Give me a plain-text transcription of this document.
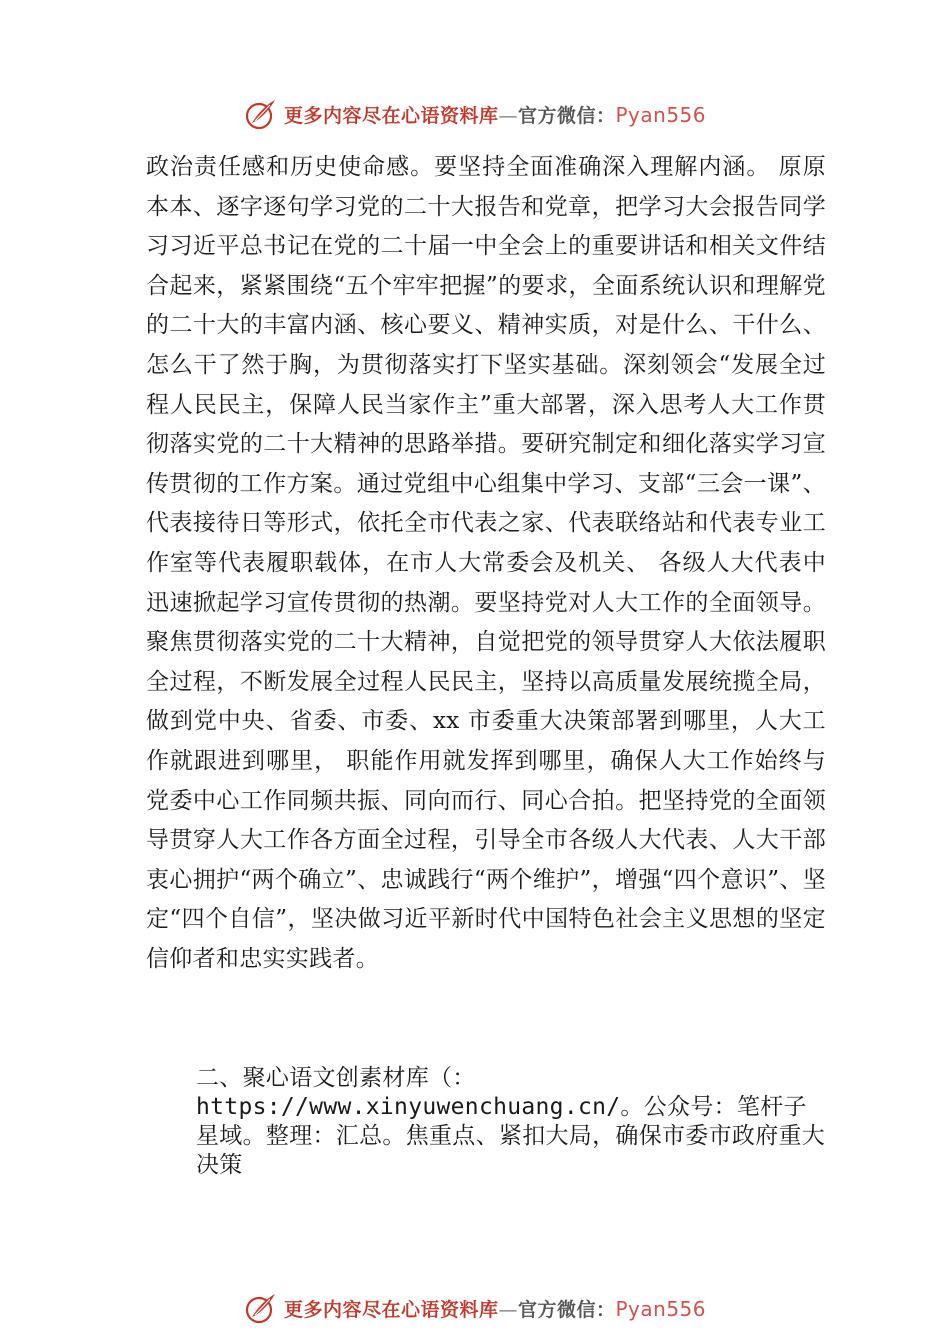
更多内容尽在心语资料库—官方微信：Pyan556

政治责任感和历史使命感。要坚持全面准确深入理解内涵。 原原本本、逐字逐句学习党的二十大报告和党章，把学习大会报告同学习习近平总书记在党的二十届一中全会上的重要讲话和相关文件结合起来，紧紧围绕“五个牢牢把握”的要求，全面系统认识和理解党的二十大的丰富内涵、核心要义、精神实质，对是什么、干什么、怎么干了然于胸，为贯彻落实打下坚实基础。深刻领会“发展全过程人民民主，保障人民当家作主”重大部署，深入思考人大工作贯彻落实党的二十大精神的思路举措。要研究制定和细化落实学习宣传贯彻的工作方案。通过党组中心组集中学习、支部“三会一课”、代表接待日等形式，依托全市代表之家、代表联络站和代表专业工作室等代表履职载体，在市人大常委会及机关、 各级人大代表中迅速掀起学习宣传贯彻的热潮。要坚持党对人大工作的全面领导。聚焦贯彻落实党的二十大精神，自觉把党的领导贯穿人大依法履职全过程，不断发展全过程人民民主，坚持以高质量发展统揽全局，做到党中央、省委、市委、xx 市委重大决策部署到哪里，人大工作就跟进到哪里， 职能作用就发挥到哪里，确保人大工作始终与党委中心工作同频共振、同向而行、同心合拍。把坚持党的全面领导贯穿人大工作各方面全过程，引导全市各级人大代表、人大干部衷心拥护“两个确立”、忠诚践行“两个维护”，增强“四个意识”、坚定“四个自信”，坚决做习近平新时代中国特色社会主义思想的坚定信仰者和忠实实践者。

二、聚心语文创素材库（：https://www.xinyuwenchuang.cn/。公众号：笔杆子星域。整理：汇总。焦重点、紧扣大局，确保市委市政府重大决策

更多内容尽在心语资料库—官方微信：Pyan556
